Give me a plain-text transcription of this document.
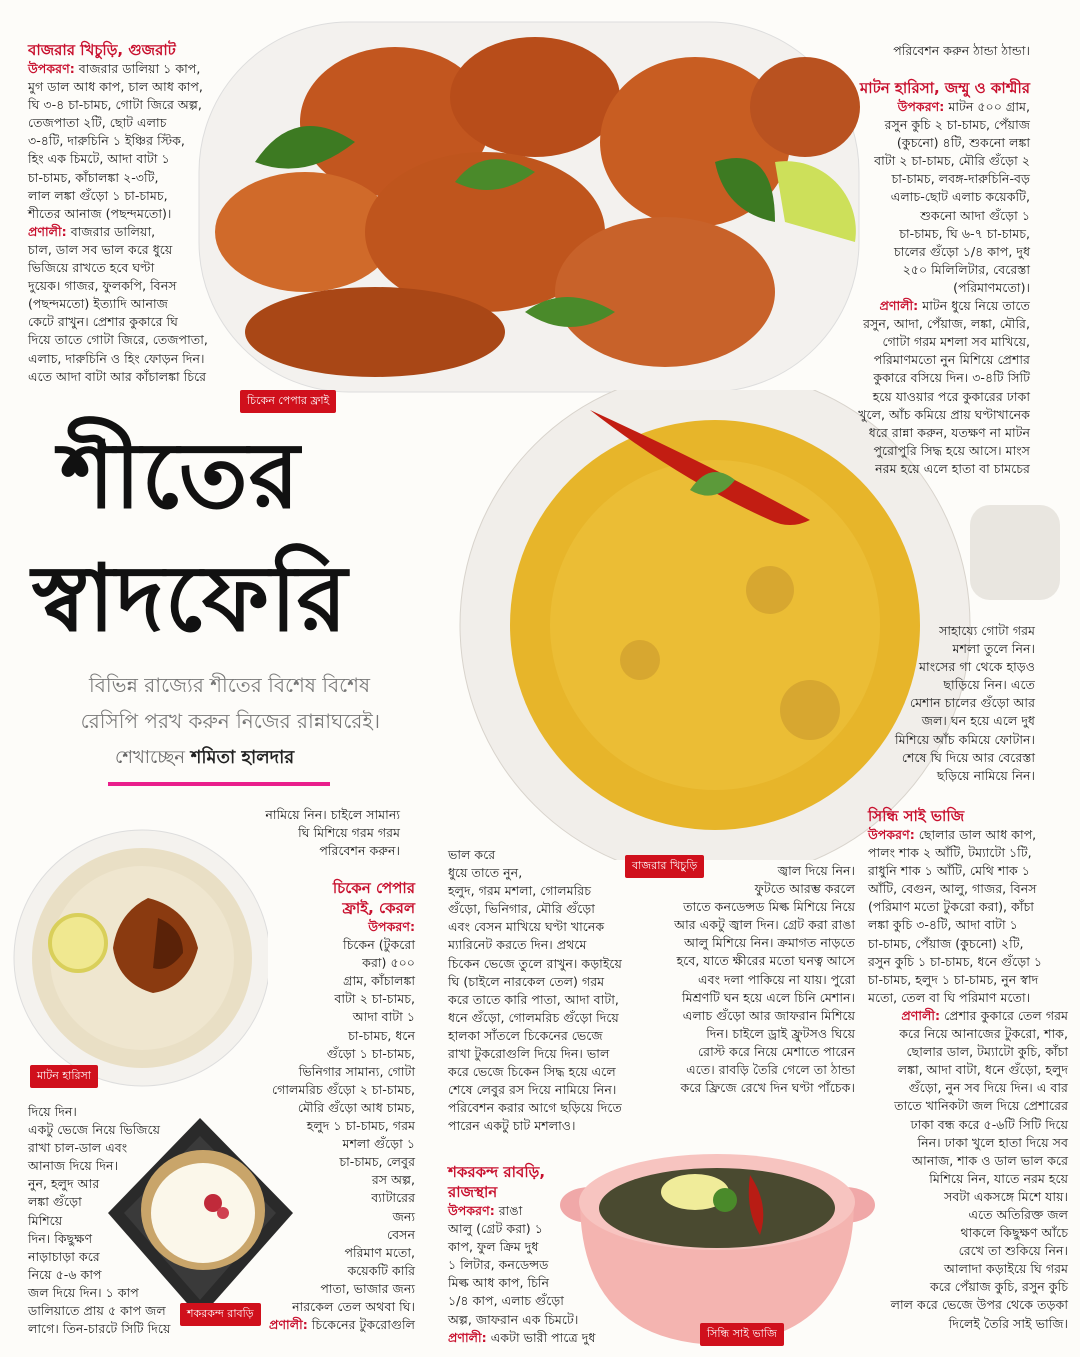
চিকেন পেপার ফ্রাই
বাজরার খিচুড়ি
মাটন হারিসা
শকরকন্দ রাবড়ি
সিন্ধি সাই ভাজি
শীতের
স্বাদফেরি
বিভিন্ন রাজ্যের শীতের বিশেষ বিশেষ
রেসিপি পরখ করুন নিজের রান্নাঘরেই।
শেখাচ্ছেন শমিতা হালদার

বাজরার খিচুড়ি, গুজরাট

উপকরণ: বাজরার ডালিয়া ১ কাপ,
মুগ ডাল আধ কাপ, চাল আধ কাপ,
ঘি ৩-৪ চা-চামচ, গোটা জিরে অল্প,
তেজপাতা ২টি, ছোট এলাচ
৩-৪টি, দারুচিনি ১ ইঞ্চির স্টিক,
হিং এক চিমটে, আদা বাটা ১
চা-চামচ, কাঁচালঙ্কা ২-৩টি,
লাল লঙ্কা গুঁড়ো ১ চা-চামচ,
শীতের আনাজ (পছন্দমতো)।

প্রণালী: বাজরার ডালিয়া,
চাল, ডাল সব ভাল করে ধুয়ে
ভিজিয়ে রাখতে হবে ঘণ্টা
দুয়েক। গাজর, ফুলকপি, বিনস
(পছন্দমতো) ইত্যাদি আনাজ
কেটে রাখুন। প্রেশার কুকারে ঘি
দিয়ে তাতে গোটা জিরে, তেজপাতা,
এলাচ, দারুচিনি ও হিং ফোড়ন দিন।
এতে আদা বাটা আর কাঁচালঙ্কা চিরে

দিয়ে দিন।
একটু ভেজে নিয়ে ভিজিয়ে
রাখা চাল-ডাল এবং
আনাজ দিয়ে দিন।
নুন, হলুদ আর
লঙ্কা গুঁড়ো
মিশিয়ে
দিন। কিছুক্ষণ
নাড়াচাড়া করে
নিয়ে ৫-৬ কাপ
জল দিয়ে দিন। ১ কাপ
ডালিয়াতে প্রায় ৫ কাপ জল
লাগে। তিন-চারটে সিটি দিয়ে

নামিয়ে নিন। চাইলে সামান্য
ঘি মিশিয়ে গরম গরম
পরিবেশন করুন।

পরিবেশন করুন ঠান্ডা ঠান্ডা।

মাটন হারিসা, জম্মু ও কাশ্মীর

উপকরণ: মাটন ৫০০ গ্রাম,
রসুন কুচি ২ চা-চামচ, পেঁয়াজ
(কুচনো) ৪টি, শুকনো লঙ্কা
বাটা ২ চা-চামচ, মৌরি গুঁড়ো ২
চা-চামচ, লবঙ্গ-দারুচিনি-বড়
এলাচ-ছোট এলাচ কয়েকটি,
শুকনো আদা গুঁড়ো ১
চা-চামচ, ঘি ৬-৭ চা-চামচ,
চালের গুঁড়ো ১/৪ কাপ, দুধ
২৫০ মিলিলিটার, বেরেস্তা
(পরিমাণমতো)।

প্রণালী: মাটন ধুয়ে নিয়ে তাতে
রসুন, আদা, পেঁয়াজ, লঙ্কা, মৌরি,
গোটা গরম মশলা সব মাখিয়ে,
পরিমাণমতো নুন মিশিয়ে প্রেশার
কুকারে বসিয়ে দিন। ৩-৪টি সিটি
হয়ে যাওয়ার পরে কুকারের ঢাকা
খুলে, আঁচ কমিয়ে প্রায় ঘণ্টাখানেক
ধরে রান্না করুন, যতক্ষণ না মাটন
পুরোপুরি সিদ্ধ হয়ে আসে। মাংস
নরম হয়ে এলে হাতা বা চামচের

সাহায্যে গোটা গরম
মশলা তুলে নিন।
মাংসের গা থেকে হাড়ও
ছাড়িয়ে নিন। এতে
মেশান চালের গুঁড়ো আর
জল। ঘন হয়ে এলে দুধ
মিশিয়ে আঁচ কমিয়ে ফোটান।
শেষে ঘি দিয়ে আর বেরেস্তা
ছড়িয়ে নামিয়ে নিন।

চিকেন পেপার
ফ্রাই, কেরল

উপকরণ:

চিকেন (টুকরো
করা) ৫০০
গ্রাম, কাঁচালঙ্কা
বাটা ২ চা-চামচ,
আদা বাটা ১
চা-চামচ, ধনে
গুঁড়ো ১ চা-চামচ,
ভিনিগার সামান্য, গোটা
গোলমরিচ গুঁড়ো ২ চা-চামচ,
মৌরি গুঁড়ো আধ চামচ,
হলুদ ১ চা-চামচ, গরম
মশলা গুঁড়ো ১
চা-চামচ, লেবুর
রস অল্প,
ব্যাটারের
জন্য
বেসন
পরিমাণ মতো,
কয়েকটি কারি
পাতা, ভাজার জন্য
নারকেল তেল অথবা ঘি।

প্রণালী: চিকেনের টুকরোগুলি

ভাল করে
ধুয়ে তাতে নুন,
হলুদ, গরম মশলা, গোলমরিচ
গুঁড়ো, ভিনিগার, মৌরি গুঁড়ো
এবং বেসন মাখিয়ে ঘণ্টা খানেক
ম্যারিনেট করতে দিন। প্রথমে
চিকেন ভেজে তুলে রাখুন। কড়াইয়ে
ঘি (চাইলে নারকেল তেল) গরম
করে তাতে কারি পাতা, আদা বাটা,
ধনে গুঁড়ো, গোলমরিচ গুঁড়ো দিয়ে
হালকা সাঁতলে চিকেনের ভেজে
রাখা টুকরোগুলি দিয়ে দিন। ভাল
করে ভেজে চিকেন সিদ্ধ হয়ে এলে
শেষে লেবুর রস দিয়ে নামিয়ে নিন।
পরিবেশন করার আগে ছড়িয়ে দিতে
পারেন একটু চাট মশলাও।

জ্বাল দিয়ে নিন।
ফুটতে আরম্ভ করলে
তাতে কনডেন্সড মিল্ক মিশিয়ে নিয়ে
আর একটু জ্বাল দিন। গ্রেট করা রাঙা
আলু মিশিয়ে নিন। ক্রমাগত নাড়তে
হবে, যাতে ক্ষীরের মতো ঘনত্ব আসে
এবং দলা পাকিয়ে না যায়। পুরো
মিশ্রণটি ঘন হয়ে এলে চিনি মেশান।
এলাচ গুঁড়ো আর জাফরান মিশিয়ে
দিন। চাইলে ড্রাই ফ্রুটসও ঘিয়ে
রোস্ট করে নিয়ে মেশাতে পারেন
এতে। রাবড়ি তৈরি গেলে তা ঠান্ডা
করে ফ্রিজে রেখে দিন ঘণ্টা পাঁচেক।

শকরকন্দ রাবড়ি,
রাজস্থান

উপকরণ: রাঙা
আলু (গ্রেট করা) ১
কাপ, ফুল ক্রিম দুধ
১ লিটার, কনডেন্সড
মিল্ক আধ কাপ, চিনি
১/৪ কাপ, এলাচ গুঁড়ো
অল্প, জাফরান এক চিমটে।

প্রণালী: একটা ভারী পাত্রে দুধ

সিন্ধি সাই ভাজি

উপকরণ: ছোলার ডাল আধ কাপ,
পালং শাক ২ আঁটি, টম্যাটো ১টি,
রাধুনি শাক ১ আঁটি, মেথি শাক ১
আঁটি, বেগুন, আলু, গাজর, বিনস
(পরিমাণ মতো টুকরো করা), কাঁচা
লঙ্কা কুচি ৩-৪টি, আদা বাটা ১
চা-চামচ, পেঁয়াজ (কুচনো) ২টি,
রসুন কুচি ১ চা-চামচ, ধনে গুঁড়ো ১
চা-চামচ, হলুদ ১ চা-চামচ, নুন স্বাদ
মতো, তেল বা ঘি পরিমাণ মতো।

প্রণালী: প্রেশার কুকারে তেল গরম
করে নিয়ে আনাজের টুকরো, শাক,
ছোলার ডাল, টম্যাটো কুচি, কাঁচা
লঙ্কা, আদা বাটা, ধনে গুঁড়ো, হলুদ
গুঁড়ো, নুন সব দিয়ে দিন। এ বার
তাতে খানিকটা জল দিয়ে প্রেশারের
ঢাকা বন্ধ করে ৫-৬টি সিটি দিয়ে
নিন। ঢাকা খুলে হাতা দিয়ে সব
আনাজ, শাক ও ডাল ভাল করে
মিশিয়ে নিন, যাতে নরম হয়ে
সবটা একসঙ্গে মিশে যায়।
এতে অতিরিক্ত জল
থাকলে কিছুক্ষণ আঁচে
রেখে তা শুকিয়ে নিন।
আলাদা কড়াইয়ে ঘি গরম
করে পেঁয়াজ কুচি, রসুন কুচি
লাল করে ভেজে উপর থেকে তড়কা
দিলেই তৈরি সাই ভাজি।
